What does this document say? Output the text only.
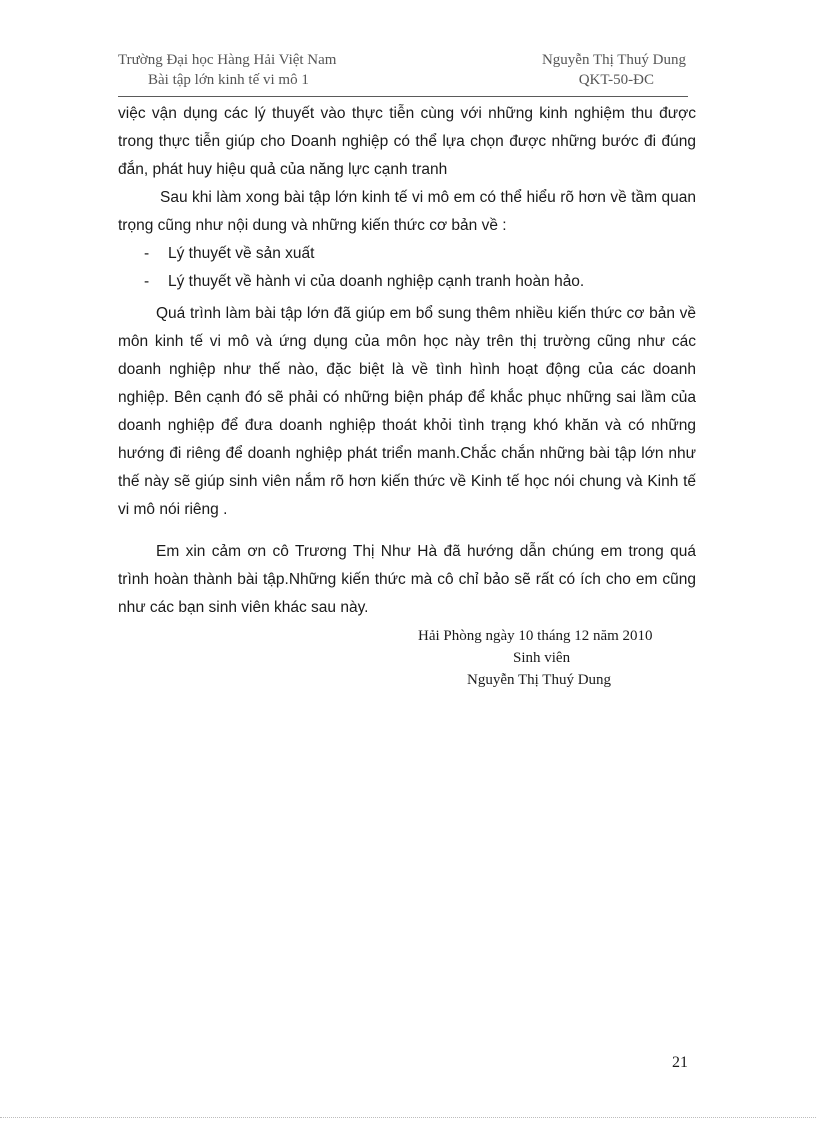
Trường Đại học Hàng Hải Việt Nam
Bài tập lớn kinh tế vi mô 1
Nguyễn Thị Thuý Dung
QKT-50-ĐC

việc vận dụng các lý thuyết vào thực tiễn cùng với những kinh nghiệm thu được trong thực tiễn giúp cho Doanh nghiệp có thể lựa chọn được những bước đi đúng đắn, phát huy hiệu quả của năng lực cạnh tranh

Sau khi làm xong bài tập lớn kinh tế vi mô em có thể hiểu rõ hơn về tầm quan trọng cũng như nội dung và những kiến thức cơ bản về :

- Lý thuyết về sản xuất
- Lý thuyết về hành vi của doanh nghiệp cạnh tranh hoàn hảo.

Quá trình làm bài tập lớn đã giúp em bổ sung thêm nhiều kiến thức cơ bản về môn kinh tế vi mô và ứng dụng của môn học này trên thị trường cũng như các doanh nghiệp như thế nào, đặc biệt là về tình hình hoạt động của các doanh nghiệp. Bên cạnh đó sẽ phải có những biện pháp để khắc phục những sai lầm của doanh nghiệp để đưa doanh nghiệp thoát khỏi tình trạng khó khăn và có những hướng đi riêng để doanh nghiệp phát triển manh.Chắc chắn những bài tập lớn như thế này sẽ giúp sinh viên nắm rõ hơn kiến thức về Kinh tế học nói chung và Kinh tế vi mô nói riêng .

Em xin cảm ơn cô Trương Thị Như Hà đã hướng dẫn chúng em trong quá trình hoàn thành bài tập.Những kiến thức mà cô chỉ bảo sẽ rất có ích cho em cũng như các bạn sinh viên khác sau này.

Hải Phòng ngày 10 tháng 12 năm 2010
Sinh viên
Nguyễn Thị Thuý Dung
21
